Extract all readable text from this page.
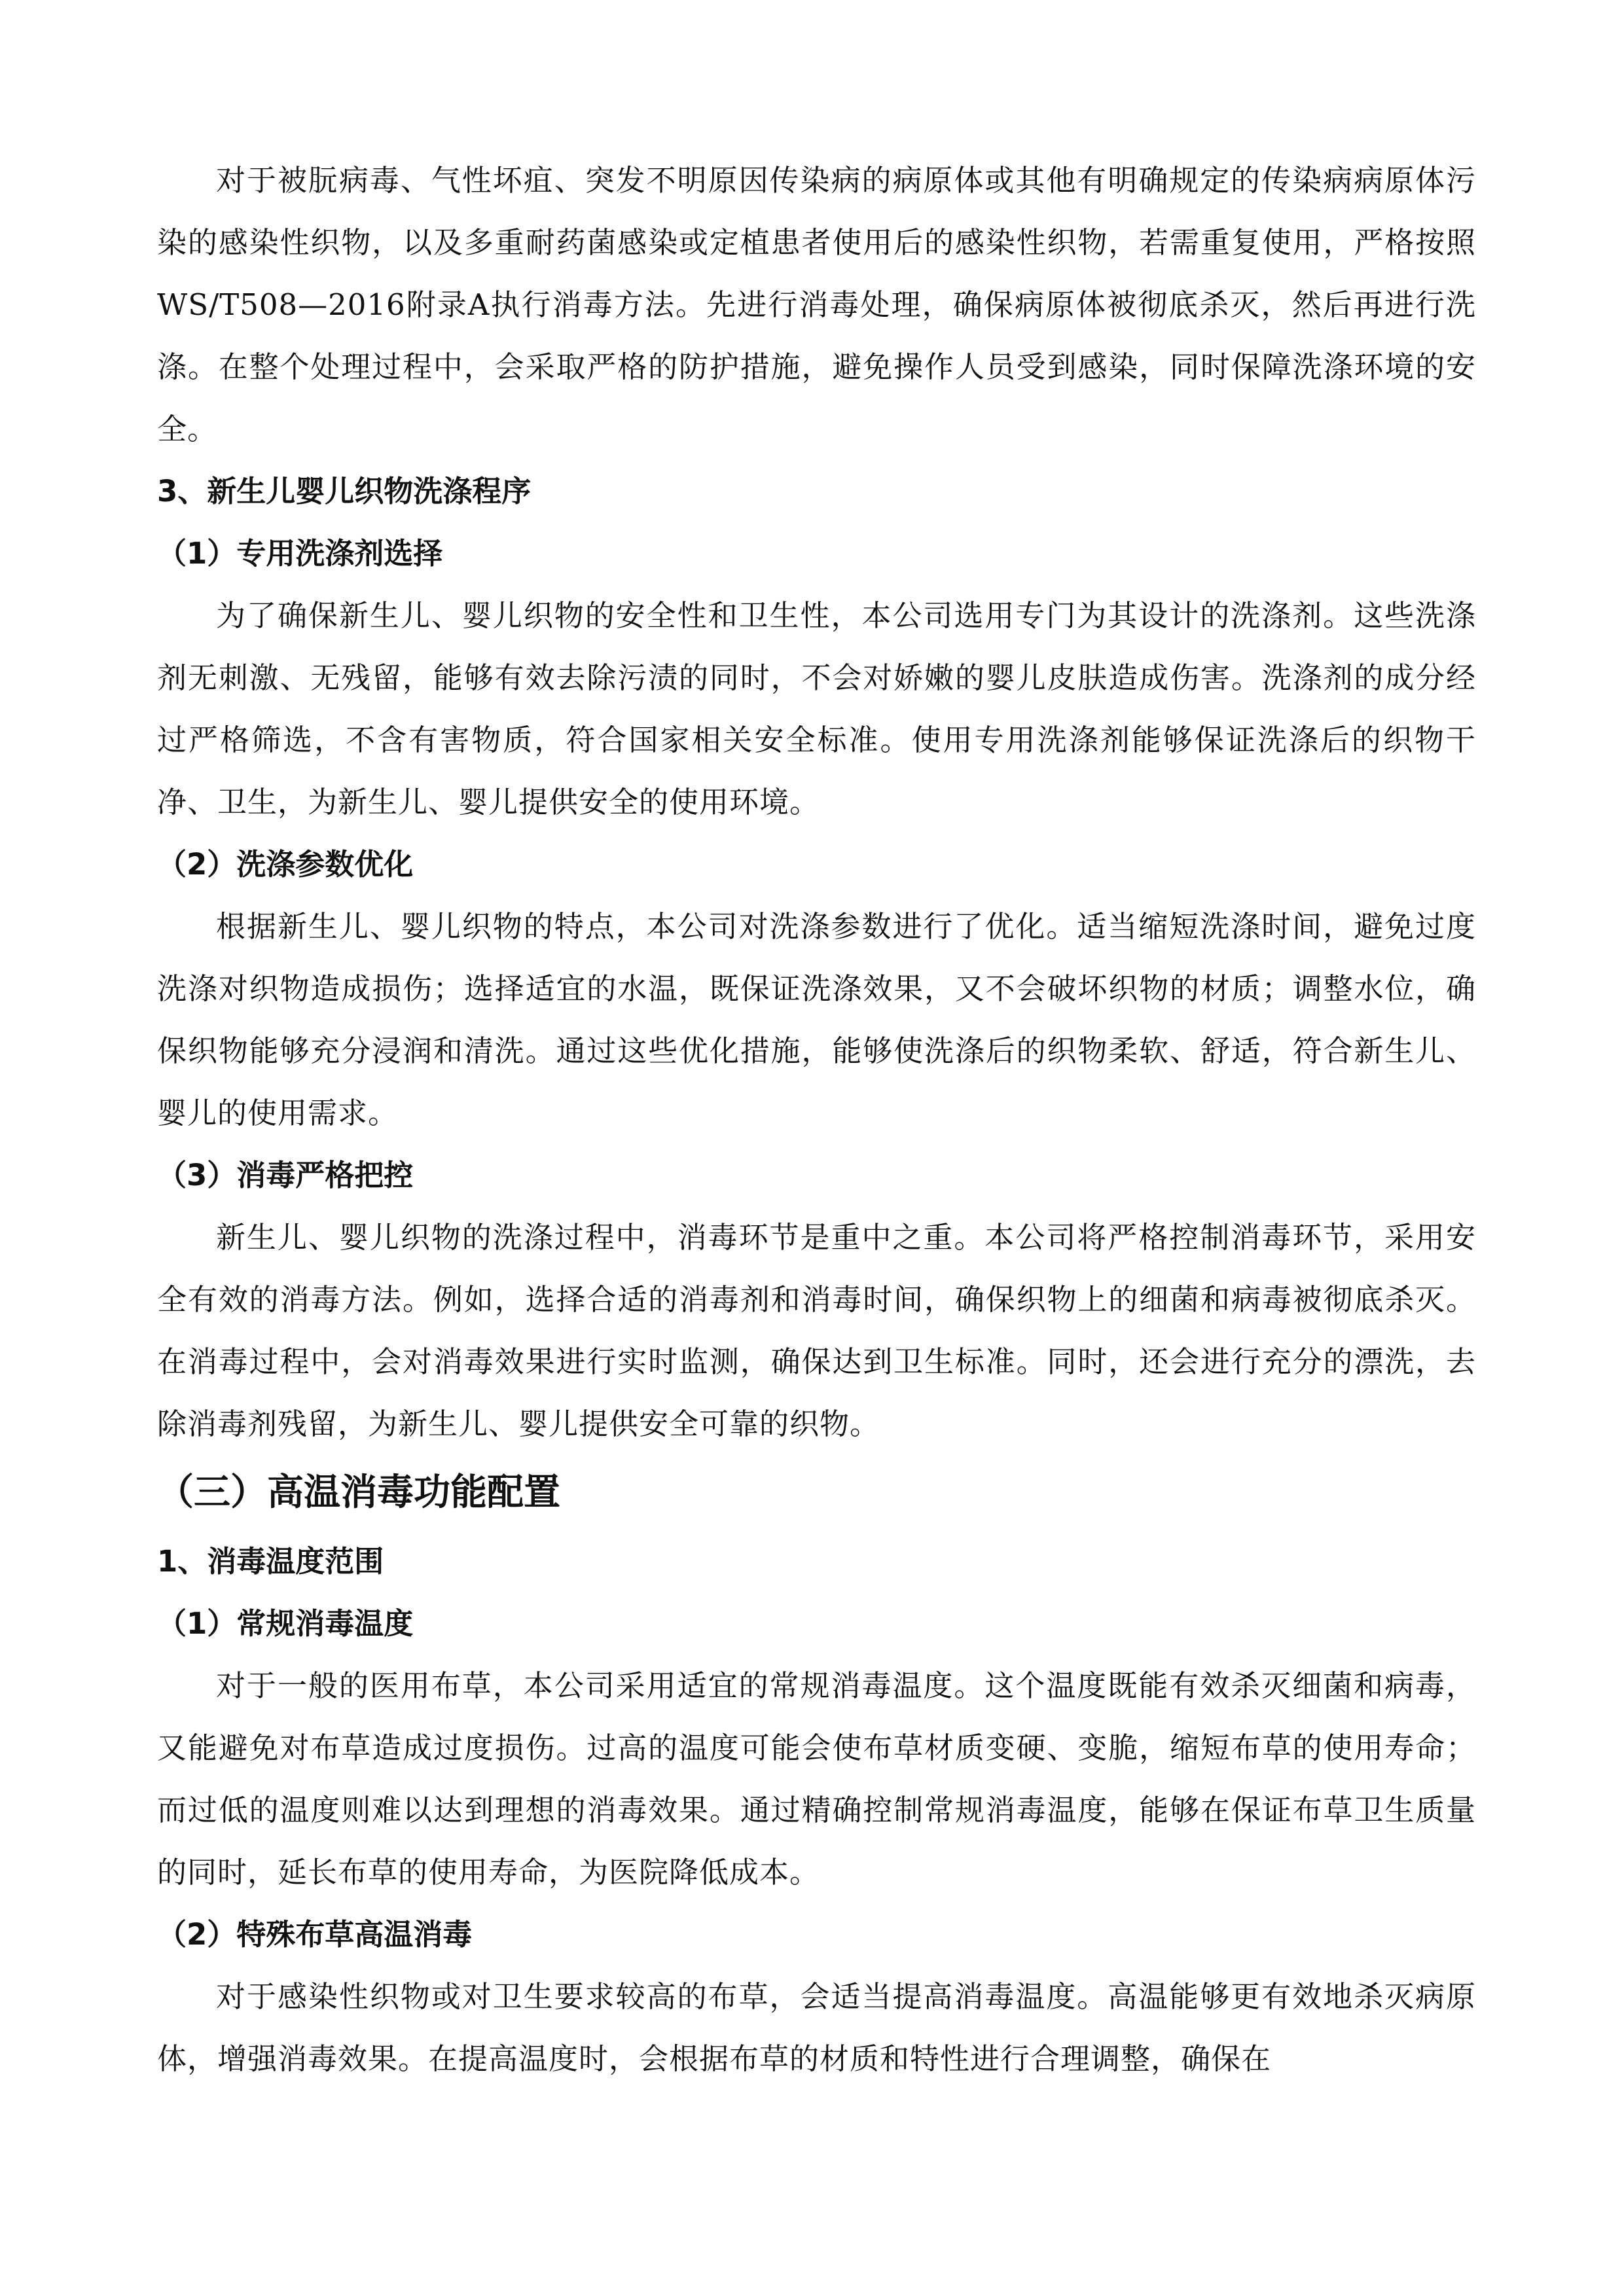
对于被朊病毒、气性坏疽、突发不明原因传染病的病原体或其他有明确规定的传染病病原体污染的感染性织物，以及多重耐药菌感染或定植患者使用后的感染性织物，若需重复使用，严格按照WS/T508—2016附录A执行消毒方法。先进行消毒处理，确保病原体被彻底杀灭，然后再进行洗涤。在整个处理过程中，会采取严格的防护措施，避免操作人员受到感染，同时保障洗涤环境的安全。

3、新生儿婴儿织物洗涤程序
（1）专用洗涤剂选择

为了确保新生儿、婴儿织物的安全性和卫生性，本公司选用专门为其设计的洗涤剂。这些洗涤剂无刺激、无残留，能够有效去除污渍的同时，不会对娇嫩的婴儿皮肤造成伤害。洗涤剂的成分经过严格筛选，不含有害物质，符合国家相关安全标准。使用专用洗涤剂能够保证洗涤后的织物干净、卫生，为新生儿、婴儿提供安全的使用环境。

（2）洗涤参数优化

根据新生儿、婴儿织物的特点，本公司对洗涤参数进行了优化。适当缩短洗涤时间，避免过度洗涤对织物造成损伤；选择适宜的水温，既保证洗涤效果，又不会破坏织物的材质；调整水位，确保织物能够充分浸润和清洗。通过这些优化措施，能够使洗涤后的织物柔软、舒适，符合新生儿、婴儿的使用需求。

（3）消毒严格把控

新生儿、婴儿织物的洗涤过程中，消毒环节是重中之重。本公司将严格控制消毒环节，采用安全有效的消毒方法。例如，选择合适的消毒剂和消毒时间，确保织物上的细菌和病毒被彻底杀灭。在消毒过程中，会对消毒效果进行实时监测，确保达到卫生标准。同时，还会进行充分的漂洗，去除消毒剂残留，为新生儿、婴儿提供安全可靠的织物。

（三）高温消毒功能配置
1、消毒温度范围
（1）常规消毒温度

对于一般的医用布草，本公司采用适宜的常规消毒温度。这个温度既能有效杀灭细菌和病毒，又能避免对布草造成过度损伤。过高的温度可能会使布草材质变硬、变脆，缩短布草的使用寿命；而过低的温度则难以达到理想的消毒效果。通过精确控制常规消毒温度，能够在保证布草卫生质量的同时，延长布草的使用寿命，为医院降低成本。

（2）特殊布草高温消毒

对于感染性织物或对卫生要求较高的布草，会适当提高消毒温度。高温能够更有效地杀灭病原体，增强消毒效果。在提高温度时，会根据布草的材质和特性进行合理调整，确保在
